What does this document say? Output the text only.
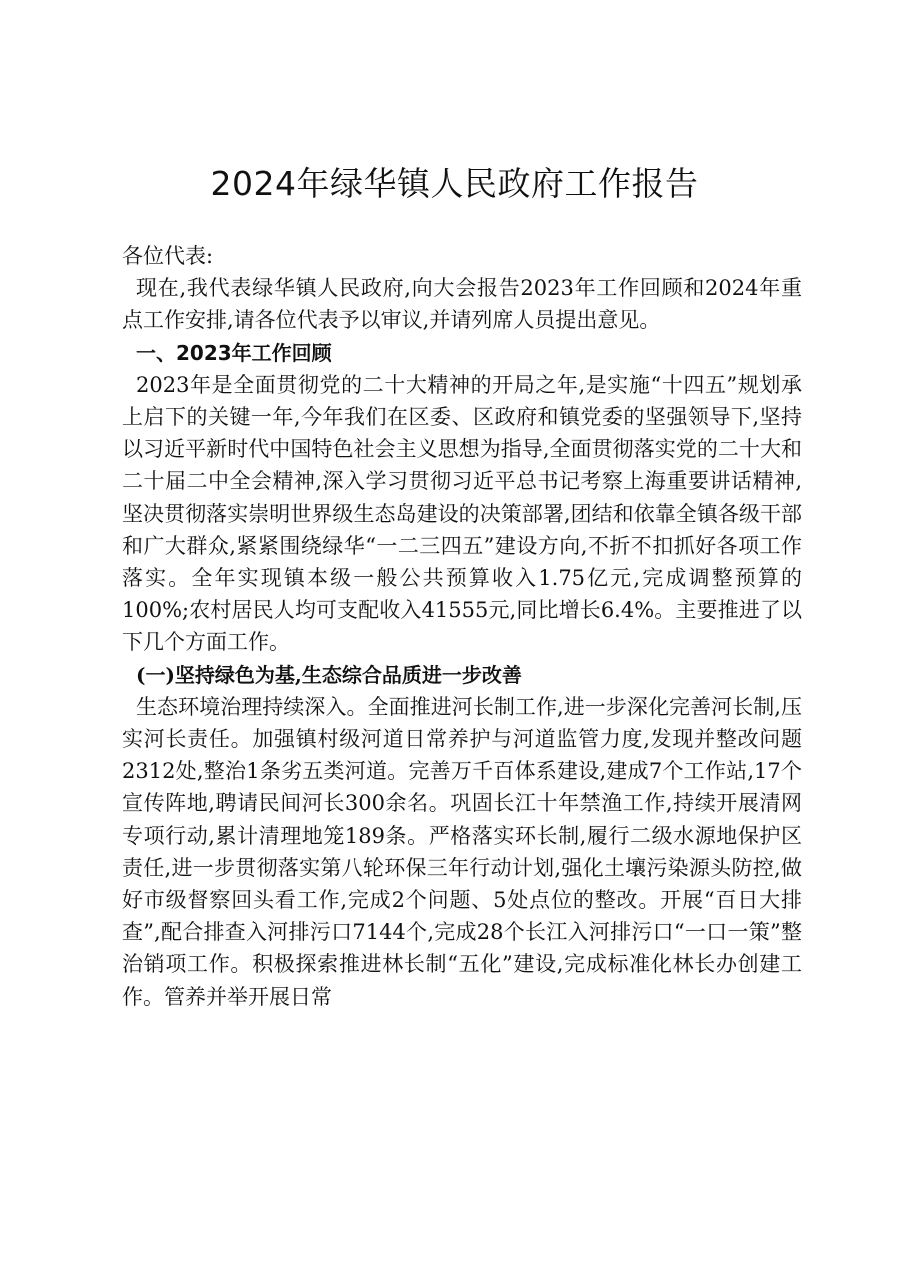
2024年绿华镇人民政府工作报告

各位代表:

现在,我代表绿华镇人民政府,向大会报告2023年工作回顾和2024年重点工作安排,请各位代表予以审议,并请列席人员提出意见。

一、2023年工作回顾

2023年是全面贯彻党的二十大精神的开局之年,是实施“十四五”规划承上启下的关键一年,今年我们在区委、区政府和镇党委的坚强领导下,坚持以习近平新时代中国特色社会主义思想为指导,全面贯彻落实党的二十大和二十届二中全会精神,深入学习贯彻习近平总书记考察上海重要讲话精神,坚决贯彻落实崇明世界级生态岛建设的决策部署,团结和依靠全镇各级干部和广大群众,紧紧围绕绿华“一二三四五”建设方向,不折不扣抓好各项工作落实。全年实现镇本级一般公共预算收入1.75亿元,完成调整预算的100%;农村居民人均可支配收入41555元,同比增长6.4%。主要推进了以下几个方面工作。

(一)坚持绿色为基,生态综合品质进一步改善

生态环境治理持续深入。全面推进河长制工作,进一步深化完善河长制,压实河长责任。加强镇村级河道日常养护与河道监管力度,发现并整改问题2312处,整治1条劣五类河道。完善万千百体系建设,建成7个工作站,17个宣传阵地,聘请民间河长300余名。巩固长江十年禁渔工作,持续开展清网专项行动,累计清理地笼189条。严格落实环长制,履行二级水源地保护区责任,进一步贯彻落实第八轮环保三年行动计划,强化土壤污染源头防控,做好市级督察回头看工作,完成2个问题、5处点位的整改。开展“百日大排查”,配合排查入河排污口7144个,完成28个长江入河排污口“一口一策”整治销项工作。积极探索推进林长制“五化”建设,完成标准化林长办创建工作。管养并举开展日常
